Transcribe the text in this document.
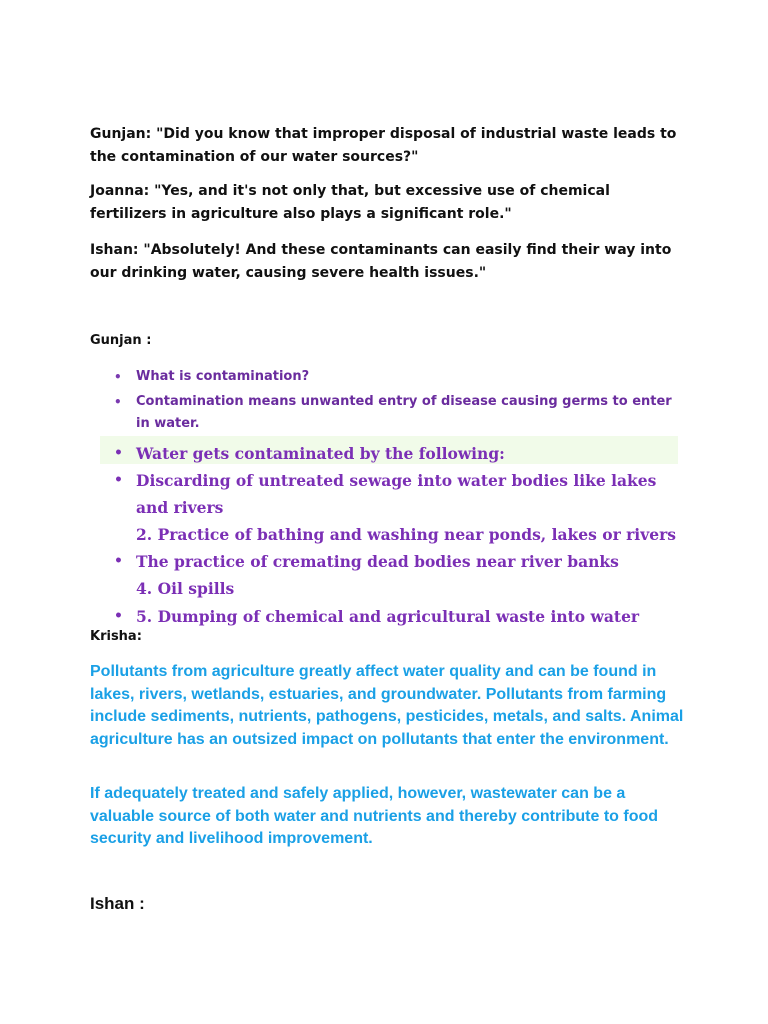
Gunjan: "Did you know that improper disposal of industrial waste leads to the contamination of our water sources?"

Joanna: "Yes, and it's not only that, but excessive use of chemical fertilizers in agriculture also plays a significant role."

Ishan: "Absolutely! And these contaminants can easily find their way into our drinking water, causing severe health issues."

Gunjan :

• What is contamination?
• Contamination means unwanted entry of disease causing germs to enter in water.
• Water gets contaminated by the following:
• Discarding of untreated sewage into water bodies like lakes and rivers
2. Practice of bathing and washing near ponds, lakes or rivers
• The practice of cremating dead bodies near river banks
4. Oil spills
• 5. Dumping of chemical and agricultural waste into water

Krisha:

Pollutants from agriculture greatly affect water quality and can be found in lakes, rivers, wetlands, estuaries, and groundwater. Pollutants from farming include sediments, nutrients, pathogens, pesticides, metals, and salts. Animal agriculture has an outsized impact on pollutants that enter the environment.

If adequately treated and safely applied, however, wastewater can be a valuable source of both water and nutrients and thereby contribute to food security and livelihood improvement.

Ishan :
